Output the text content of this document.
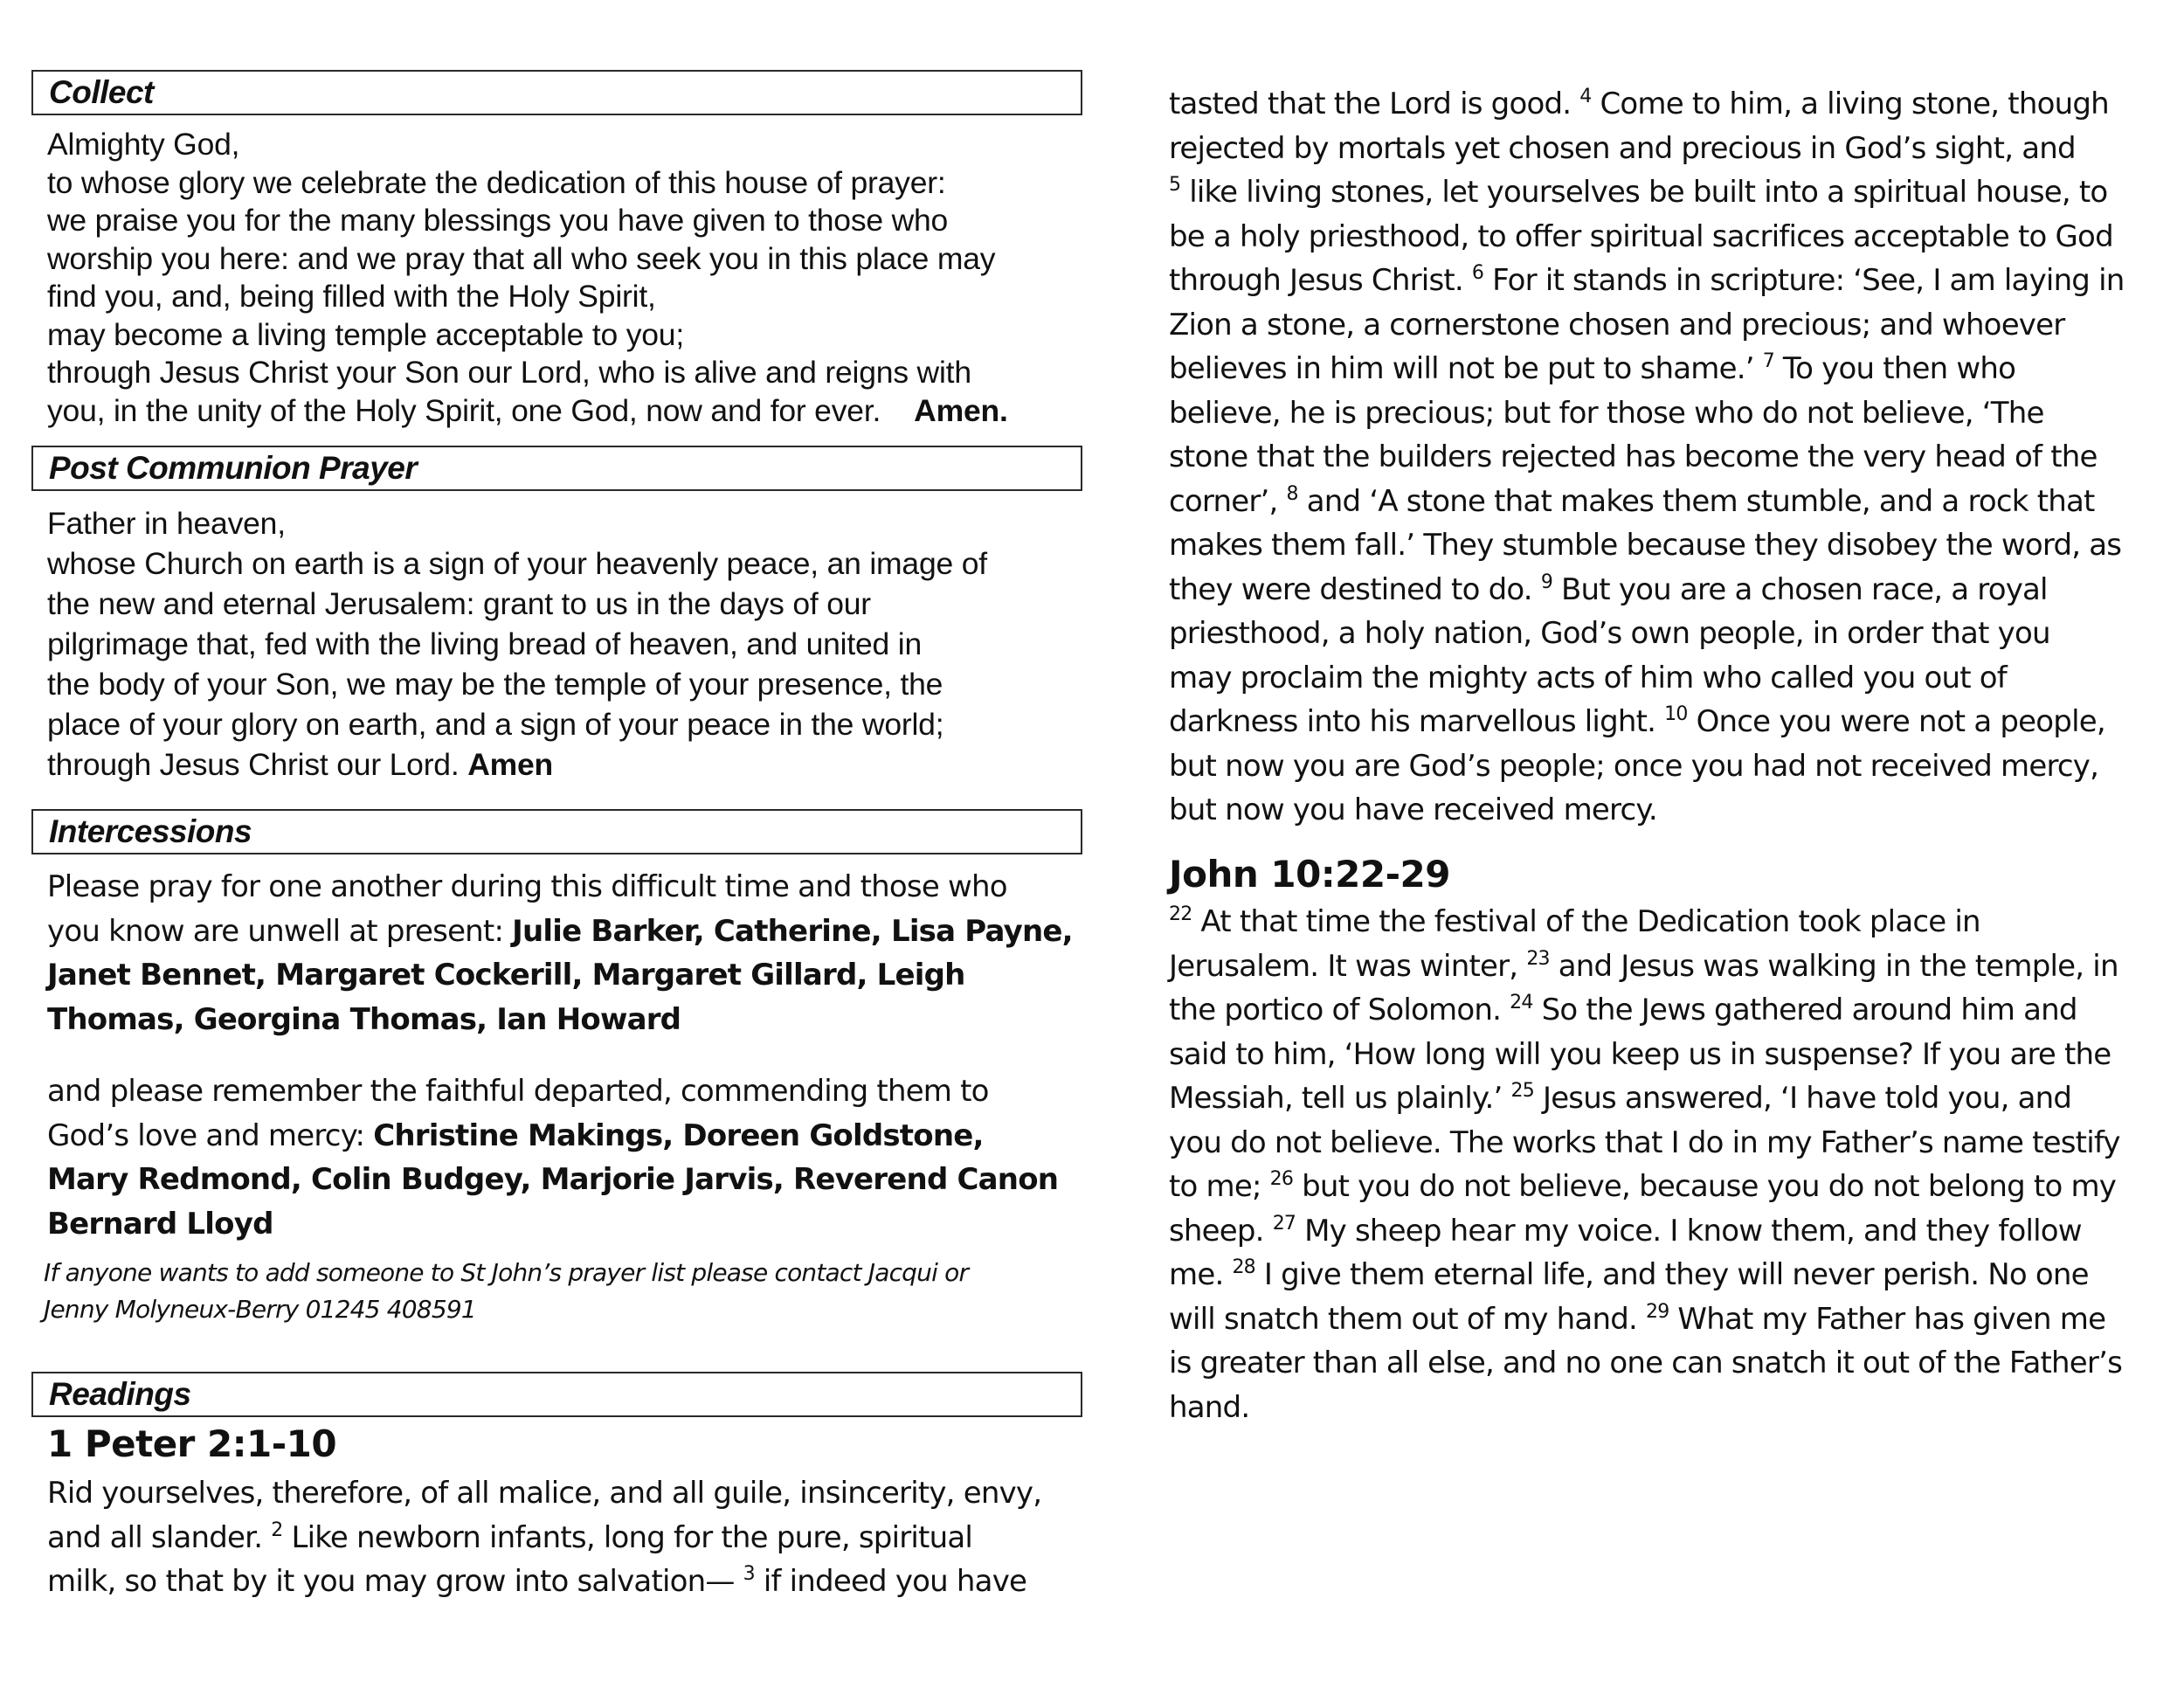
Collect
Almighty God,
to whose glory we celebrate the dedication of this house of prayer:
we praise you for the many blessings you have given to those who
worship you here: and we pray that all who seek you in this place may
find you, and, being filled with the Holy Spirit,
may become a living temple acceptable to you;
through Jesus Christ your Son our Lord, who is alive and reigns with
you, in the unity of the Holy Spirit, one God, now and for ever. Amen.
Post Communion Prayer
Father in heaven,
whose Church on earth is a sign of your heavenly peace, an image of
the new and eternal Jerusalem: grant to us in the days of our
pilgrimage that, fed with the living bread of heaven, and united in
the body of your Son, we may be the temple of your presence, the
place of your glory on earth, and a sign of your peace in the world;
through Jesus Christ our Lord. Amen
Intercessions
Please pray for one another during this difficult time and those who
you know are unwell at present: Julie Barker, Catherine, Lisa Payne,
Janet Bennet, Margaret Cockerill, Margaret Gillard, Leigh
Thomas, Georgina Thomas, Ian Howard
and please remember the faithful departed, commending them to
God’s love and mercy: Christine Makings, Doreen Goldstone,
Mary Redmond, Colin Budgey, Marjorie Jarvis, Reverend Canon
Bernard Lloyd
If anyone wants to add someone to St John’s prayer list please contact Jacqui or
Jenny Molyneux-Berry 01245 408591
Readings
1 Peter 2:1-10
Rid yourselves, therefore, of all malice, and all guile, insincerity, envy,
and all slander. $^2$ Like newborn infants, long for the pure, spiritual
milk, so that by it you may grow into salvation— $^3$ if indeed you have
tasted that the Lord is good. $^4$ Come to him, a living stone, though
rejected by mortals yet chosen and precious in God’s sight, and
$^5$ like living stones, let yourselves be built into a spiritual house, to
be a holy priesthood, to offer spiritual sacrifices acceptable to God
through Jesus Christ. $^6$ For it stands in scripture: ‘See, I am laying in
Zion a stone, a cornerstone chosen and precious; and whoever
believes in him will not be put to shame.’ $^7$ To you then who
believe, he is precious; but for those who do not believe, ‘The
stone that the builders rejected has become the very head of the
corner’, $^8$ and ‘A stone that makes them stumble, and a rock that
makes them fall.’ They stumble because they disobey the word, as
they were destined to do. $^9$ But you are a chosen race, a royal
priesthood, a holy nation, God’s own people, in order that you
may proclaim the mighty acts of him who called you out of
darkness into his marvellous light. $^{10}$ Once you were not a people,
but now you are God’s people; once you had not received mercy,
but now you have received mercy.
John 10:22-29
$^{22}$ At that time the festival of the Dedication took place in
Jerusalem. It was winter, $^{23}$ and Jesus was walking in the temple, in
the portico of Solomon. $^{24}$ So the Jews gathered around him and
said to him, ‘How long will you keep us in suspense? If you are the
Messiah, tell us plainly.’ $^{25}$ Jesus answered, ‘I have told you, and
you do not believe. The works that I do in my Father’s name testify
to me; $^{26}$ but you do not believe, because you do not belong to my
sheep. $^{27}$ My sheep hear my voice. I know them, and they follow
me. $^{28}$ I give them eternal life, and they will never perish. No one
will snatch them out of my hand. $^{29}$ What my Father has given me
is greater than all else, and no one can snatch it out of the Father’s
hand.
